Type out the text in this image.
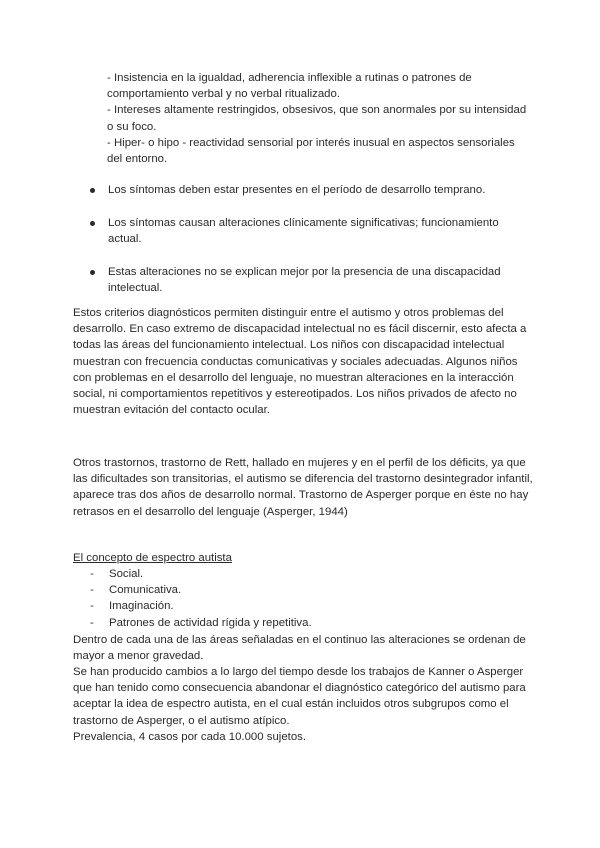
- Insistencia en la igualdad, adherencia inflexible a rutinas o patrones de comportamiento verbal y no verbal ritualizado.
- Intereses altamente restringidos, obsesivos, que son anormales por su intensidad o su foco.
- Hiper- o hipo - reactividad sensorial por interés inusual en aspectos sensoriales del entorno.
Los síntomas deben estar presentes en el período de desarrollo temprano.
Los síntomas causan alteraciones clínicamente significativas; funcionamiento actual.
Estas alteraciones no se explican mejor por la presencia de una discapacidad intelectual.
Estos criterios diagnósticos permiten distinguir entre el autismo y otros problemas del desarrollo. En caso extremo de discapacidad intelectual no es fácil discernir, esto afecta a todas las áreas del funcionamiento intelectual. Los niños con discapacidad intelectual muestran con frecuencia conductas comunicativas y sociales adecuadas. Algunos niños con problemas en el desarrollo del lenguaje, no muestran alteraciones en la interacción social, ni comportamientos repetitivos y estereotipados. Los niños privados de afecto no muestran evitación del contacto ocular.
Otros trastornos, trastorno de Rett, hallado en mujeres y en el perfil de los déficits, ya que las dificultades son transitorias, el autismo se diferencia del trastorno desintegrador infantil, aparece tras dos años de desarrollo normal. Trastorno de Asperger porque en éste no hay retrasos en el desarrollo del lenguaje (Asperger, 1944)
El concepto de espectro autista
- Social.
- Comunicativa.
- Imaginación.
- Patrones de actividad rígida y repetitiva.
Dentro de cada una de las áreas señaladas en el continuo las alteraciones se ordenan de mayor a menor gravedad.
Se han producido cambios a lo largo del tiempo desde los trabajos de Kanner o Asperger que han tenido como consecuencia abandonar el diagnóstico categórico del autismo para aceptar la idea de espectro autista, en el cual están incluidos otros subgrupos como el trastorno de Asperger, o el autismo atípico.
Prevalencia, 4 casos por cada 10.000 sujetos.
